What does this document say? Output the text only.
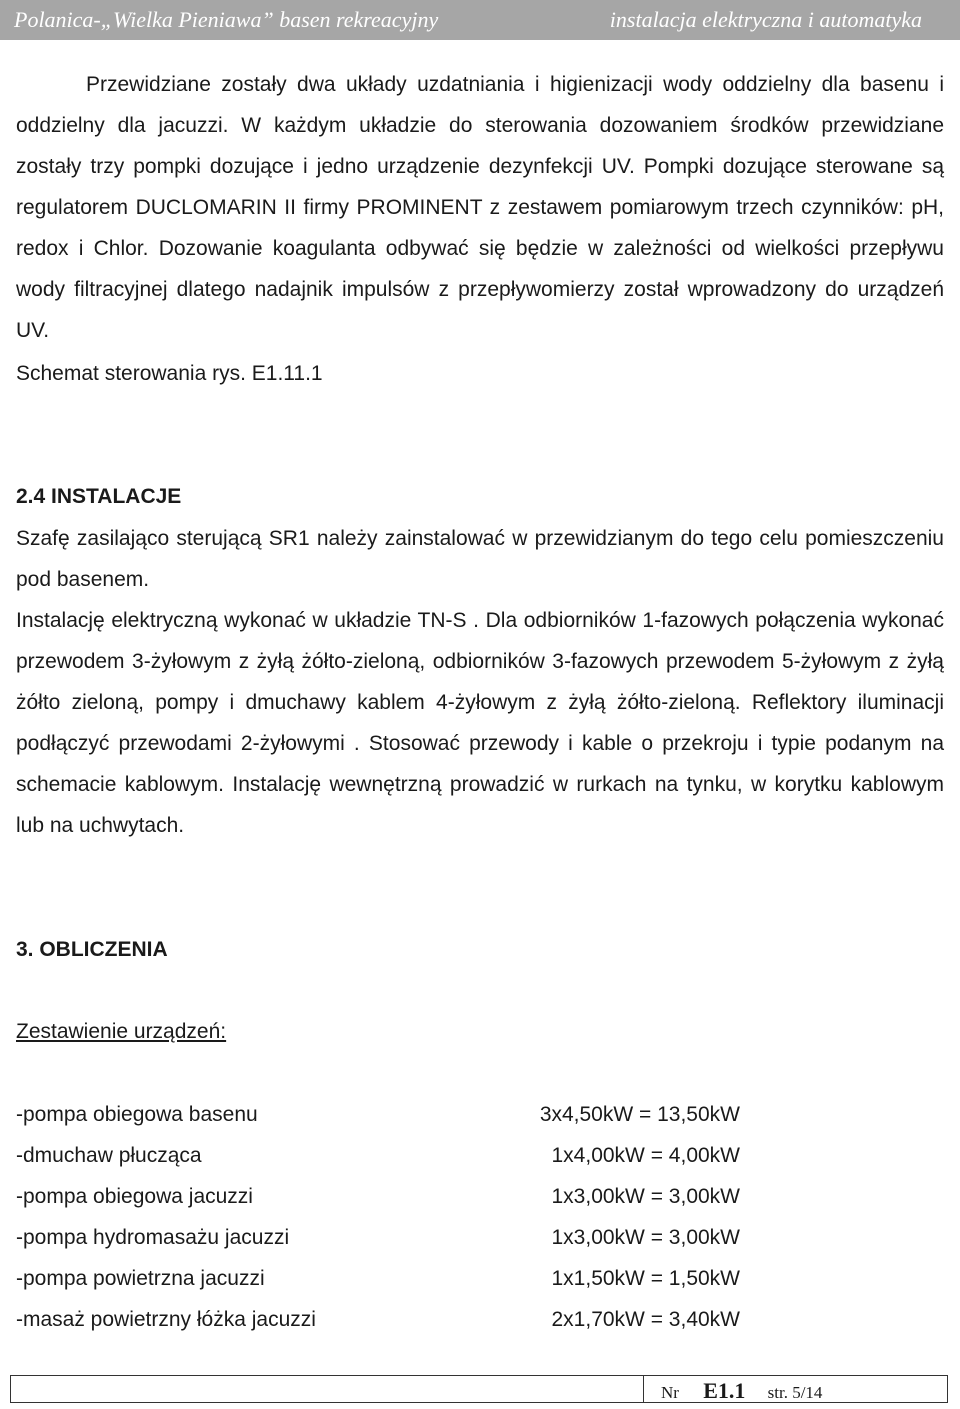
Polanica-„Wielka Pieniawa” basen rekreacyjny	instalacja elektryczna i automatyka

Przewidziane zostały dwa układy uzdatniania i higienizacji wody oddzielny dla basenu i oddzielny dla jacuzzi. W każdym układzie do sterowania dozowaniem środków przewidziane zostały trzy pompki dozujące i jedno urządzenie dezynfekcji UV. Pompki dozujące sterowane są regulatorem DUCLOMARIN II firmy PROMINENT z zestawem pomiarowym trzech czynników: pH, redox i Chlor. Dozowanie koagulanta odbywać się będzie w zależności od wielkości przepływu wody filtracyjnej dlatego nadajnik impulsów z przepływomierzy został wprowadzony do urządzeń UV.

Schemat sterowania rys. E1.11.1
2.4 INSTALACJE

Szafę zasilająco sterującą SR1 należy zainstalować w przewidzianym do tego celu pomieszczeniu pod basenem.

Instalację elektryczną wykonać w układzie TN-S . Dla odbiorników 1-fazowych połączenia wykonać przewodem 3-żyłowym z żyłą żółto-zieloną, odbiorników 3-fazowych przewodem 5-żyłowym z żyłą żółto zieloną, pompy i dmuchawy kablem 4-żyłowym z żyłą żółto-zieloną. Reflektory iluminacji podłączyć przewodami 2-żyłowymi . Stosować przewody i kable o przekroju i typie podanym na schemacie kablowym. Instalację wewnętrzną prowadzić w rurkach na tynku, w korytku kablowym lub na uchwytach.

3. OBLICZENIA
Zestawienie urządzeń:
-pompa obiegowa basenu	3x4,50kW = 13,50kW
-dmuchaw płucząca	1x4,00kW = 4,00kW
-pompa obiegowa jacuzzi	1x3,00kW = 3,00kW
-pompa hydromasażu jacuzzi	1x3,00kW = 3,00kW
-pompa powietrzna jacuzzi	1x1,50kW = 1,50kW
-masaż powietrzny łóżka jacuzzi	2x1,70kW = 3,40kW
Nr E1.1 str. 5/14
